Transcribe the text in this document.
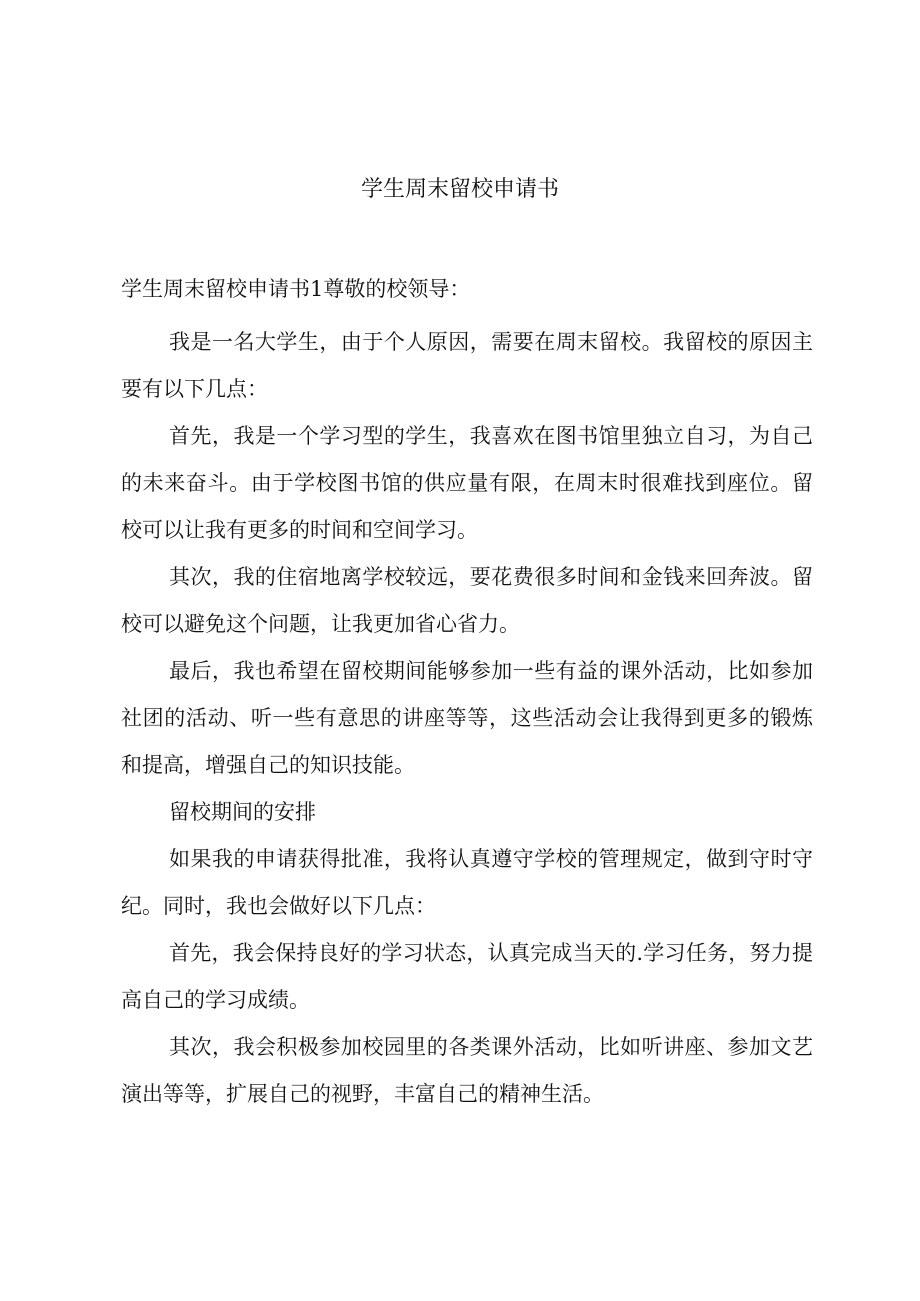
学生周末留校申请书

学生周末留校申请书1尊敬的校领导：

我是一名大学生，由于个人原因，需要在周末留校。我留校的原因主要有以下几点：

首先，我是一个学习型的学生，我喜欢在图书馆里独立自习，为自己的未来奋斗。由于学校图书馆的供应量有限，在周末时很难找到座位。留校可以让我有更多的时间和空间学习。

其次，我的住宿地离学校较远，要花费很多时间和金钱来回奔波。留校可以避免这个问题，让我更加省心省力。

最后，我也希望在留校期间能够参加一些有益的课外活动，比如参加社团的活动、听一些有意思的讲座等等，这些活动会让我得到更多的锻炼和提高，增强自己的知识技能。

留校期间的安排

如果我的申请获得批准，我将认真遵守学校的管理规定，做到守时守纪。同时，我也会做好以下几点：

首先，我会保持良好的学习状态，认真完成当天的.学习任务，努力提高自己的学习成绩。

其次，我会积极参加校园里的各类课外活动，比如听讲座、参加文艺演出等等，扩展自己的视野，丰富自己的精神生活。
